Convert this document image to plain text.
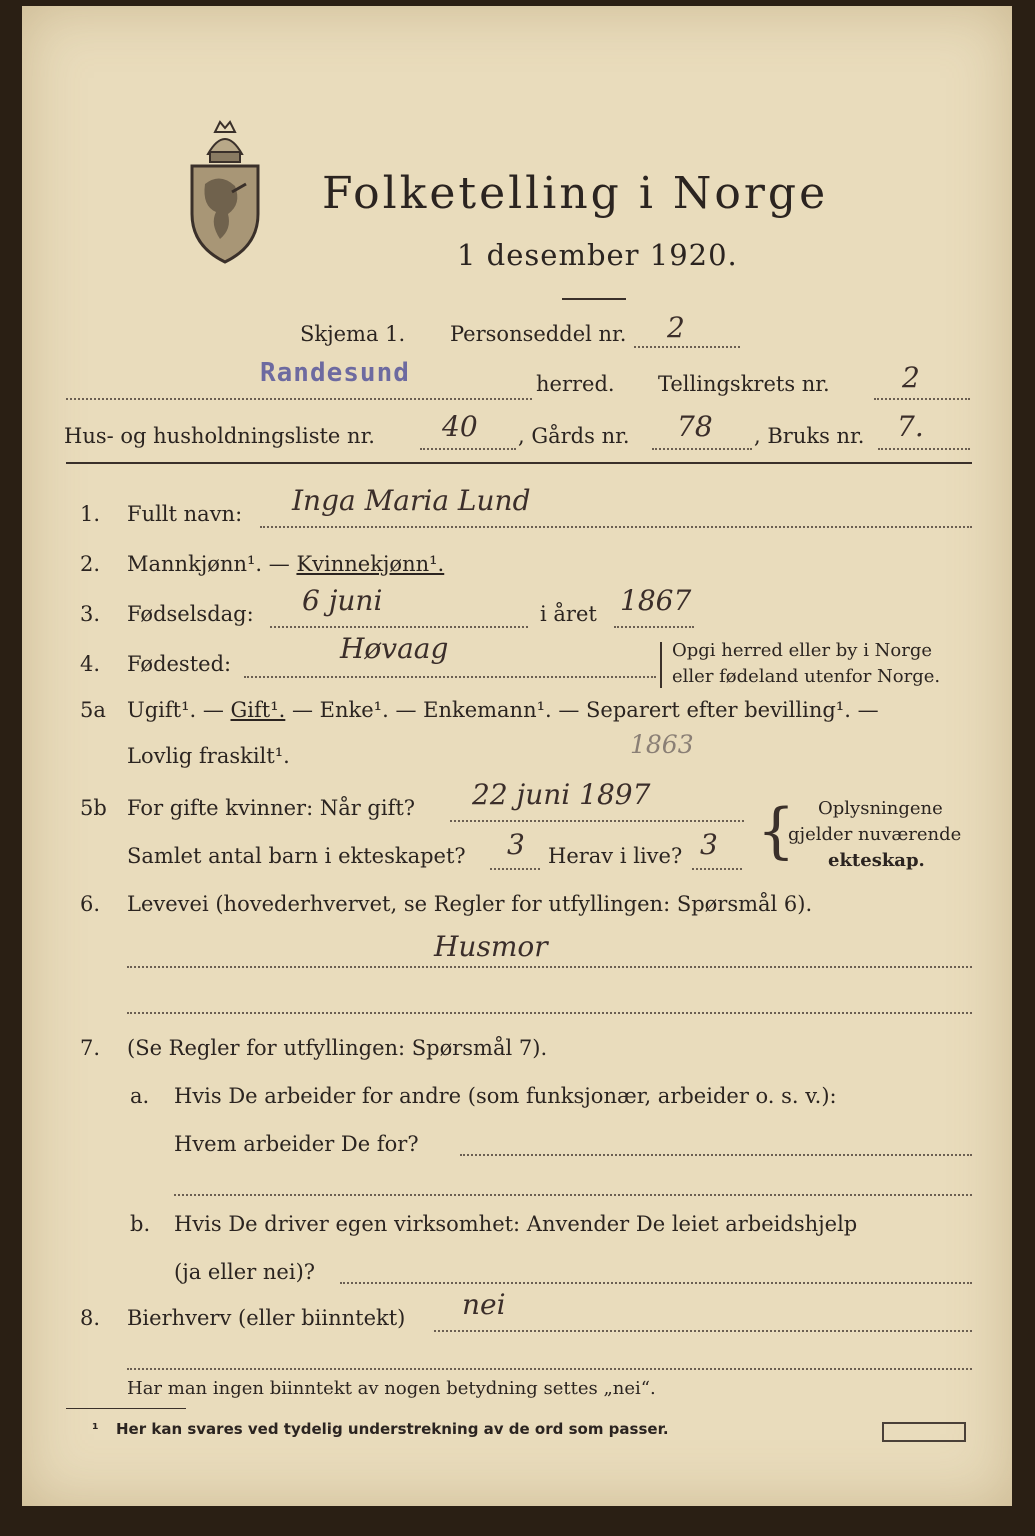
Folketelling i Norge
1 desember 1920.
Skjema 1. Personseddel nr. 2
Randesund	herred. Tellingskrets nr.	2
Hus- og husholdningsliste nr. 40 , Gårds nr. 78 , Bruks nr. 7.
1. Fullt navn: Inga Maria Lund
2. Mannkjønn¹. — Kvinnekjønn¹.
3. Fødselsdag: 6 juni	i året 1867
4. Fødested:	Høvaag	Opgi herred eller by i Norge
eller fødeland utenfor Norge.
5a Ugift¹. — Gift¹. — Enke¹. — Enkemann¹. — Separert efter bevilling¹. —
Lovlig fraskilt¹.	1863
5b For gifte kvinner: Når gift? 22 juni 1897
Samlet antal barn i ekteskapet? 3 Herav i live? 3 { Oplysningene
gjelder nuværende
ekteskap.
6. Levevei (hovederhvervet, se Regler for utfyllingen: Spørsmål 6).
Husmor
7. (Se Regler for utfyllingen: Spørsmål 7).
a. Hvis De arbeider for andre (som funksjonær, arbeider o. s. v.):
Hvem arbeider De for?
b. Hvis De driver egen virksomhet: Anvender De leiet arbeidshjelp
(ja eller nei)?
8. Bierhverv (eller biinntekt) nei
Har man ingen biinntekt av nogen betydning settes „nei“.
¹ Her kan svares ved tydelig understrekning av de ord som passer.
